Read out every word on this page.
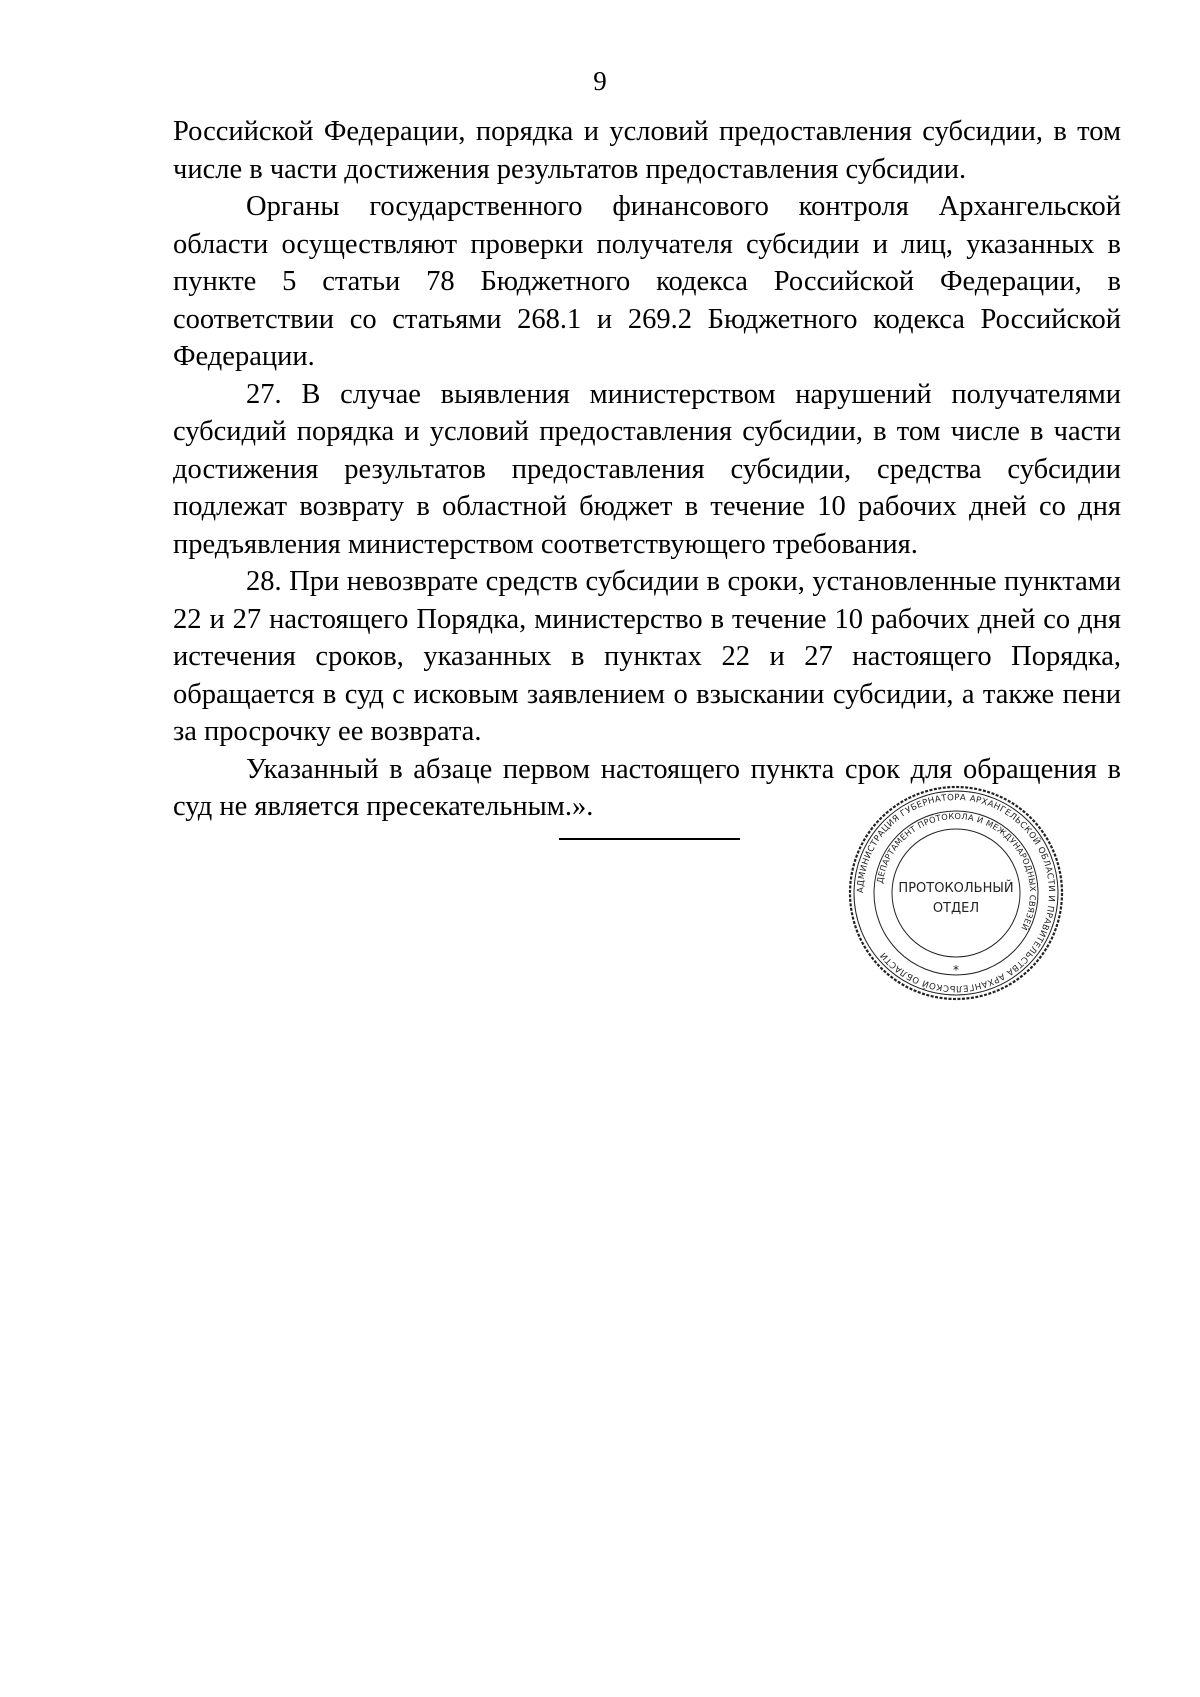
9

Российской Федерации, порядка и условий предоставления субсидии, в том числе в части достижения результатов предоставления субсидии.

Органы государственного финансового контроля Архангельской области осуществляют проверки получателя субсидии и лиц, указанных в пункте 5 статьи 78 Бюджетного кодекса Российской Федерации, в соответствии со статьями 268.1 и 269.2 Бюджетного кодекса Российской Федерации.

27. В случае выявления министерством нарушений получателями субсидий порядка и условий предоставления субсидии, в том числе в части достижения результатов предоставления субсидии, средства субсидии подлежат возврату в областной бюджет в течение 10 рабочих дней со дня предъявления министерством соответствующего требования.

28. При невозврате средств субсидии в сроки, установленные пунктами 22 и 27 настоящего Порядка, министерство в течение 10 рабочих дней со дня истечения сроков, указанных в пунктах 22 и 27 настоящего Порядка, обращается в суд с исковым заявлением о взыскании субсидии, а также пени за просрочку ее возврата.

Указанный в абзаце первом настоящего пункта срок для обращения в суд не является пресекательным.».

АДМИНИСТРАЦИЯ ГУБЕРНАТОРА АРХАНГЕЛЬСКОЙ ОБЛАСТИ И ПРАВИТЕЛЬСТВА АРХАНГЕЛЬСКОЙ ОБЛАСТИ
ДЕПАРТАМЕНТ ПРОТОКОЛА И МЕЖДУНАРОДНЫХ СВЯЗЕЙ
ПРОТОКОЛЬНЫЙ
ОТДЕЛ
*
